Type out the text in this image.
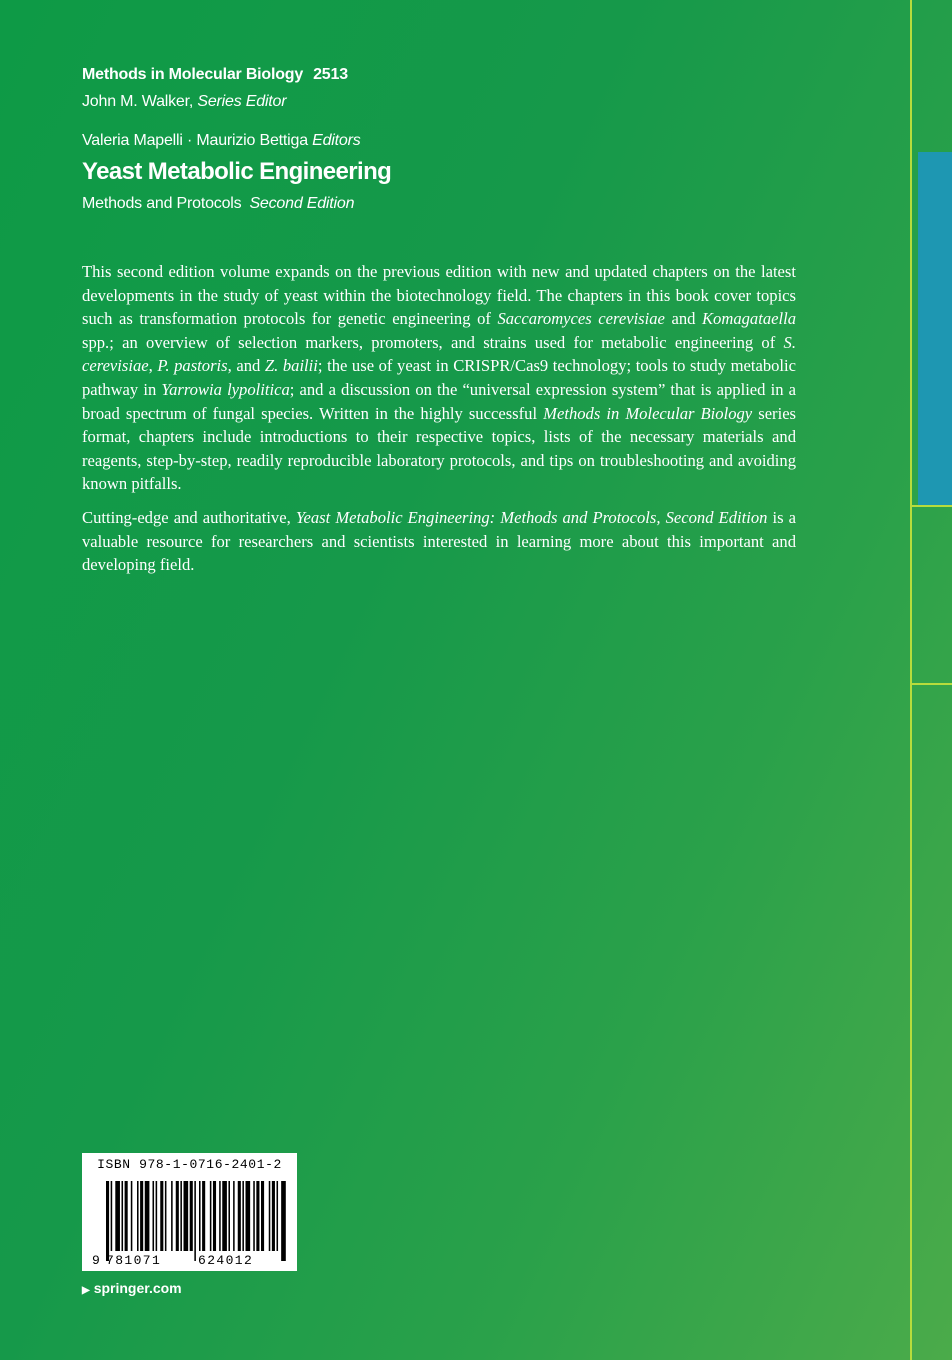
Methods in Molecular Biology 2513
John M. Walker, Series Editor
Valeria Mapelli · Maurizio Bettiga Editors
Yeast Metabolic Engineering
Methods and Protocols Second Edition

This second edition volume expands on the previous edition with new and updated chapters on the latest developments in the study of yeast within the biotechnology field. The chapters in this book cover topics such as transformation protocols for genetic engineering of Saccaromyces cerevisiae and Komagataella spp.; an overview of selection markers, promoters, and strains used for metabolic engineering of S. cerevisiae, P. pastoris, and Z. bailii; the use of yeast in CRISPR/Cas9 technology; tools to study metabolic pathway in Yarrowia lypolitica; and a discussion on the “universal expression system” that is applied in a broad spectrum of fungal species. Written in the highly successful Methods in Molecular Biology series format, chapters include introductions to their respective topics, lists of the necessary materials and reagents, step-by-step, readily reproducible laboratory protocols, and tips on troubleshooting and avoiding known pitfalls.

Cutting-edge and authoritative, Yeast Metabolic Engineering: Methods and Protocols, Second Edition is a valuable resource for researchers and scientists interested in learning more about this important and developing field.

ISBN 978-1-0716-2401-2
9 781071	624012
▶ springer.com
